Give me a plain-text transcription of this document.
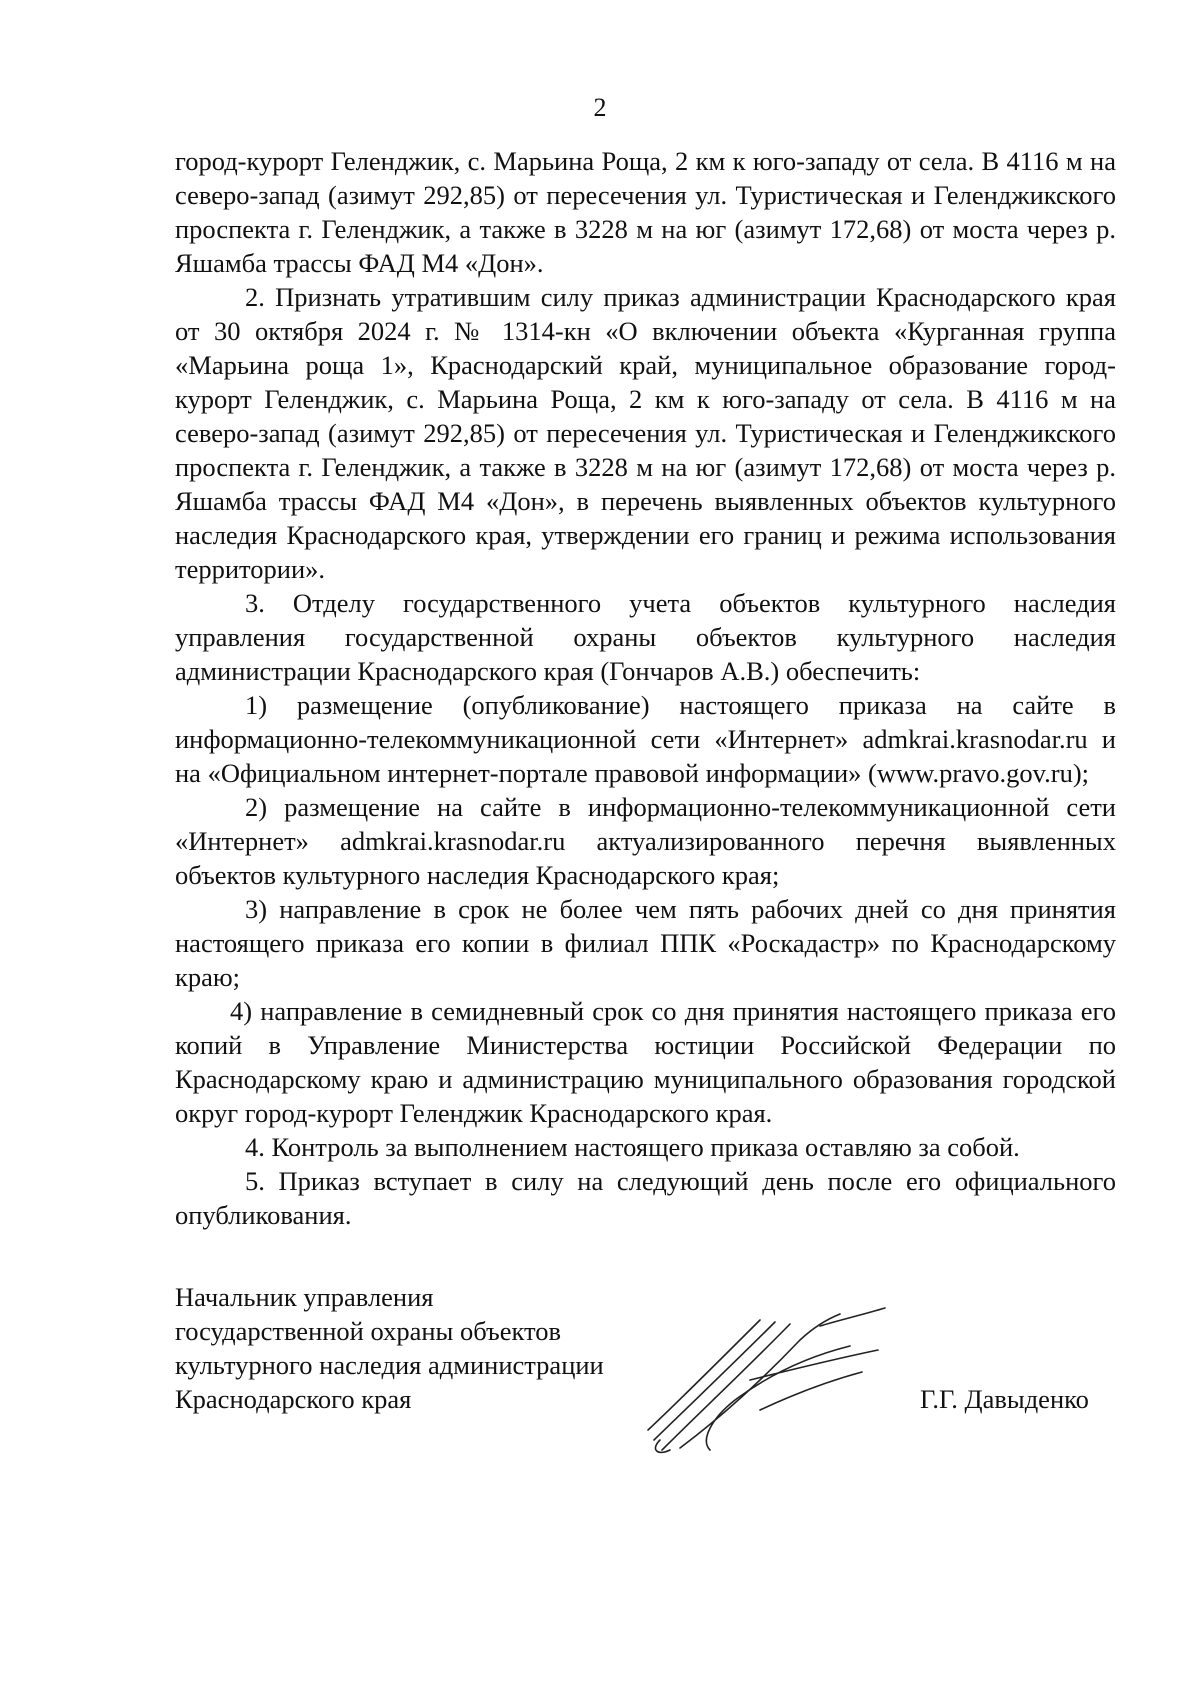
2

город-курорт Геленджик, с. Марьина Роща, 2 км к юго-западу от села. В 4116 м на северо-запад (азимут 292,85) от пересечения ул. Туристическая и Геленджикского проспекта г. Геленджик, а также в 3228 м на юг (азимут 172,68) от моста через р. Яшамба трассы ФАД М4 «Дон».

2. Признать утратившим силу приказ администрации Краснодарского края от 30 октября 2024 г. № 1314-кн «О включении объекта «Курганная группа «Марьина роща 1», Краснодарский край, муниципальное образование город-курорт Геленджик, с. Марьина Роща, 2 км к юго-западу от села. В 4116 м на северо-запад (азимут 292,85) от пересечения ул. Туристическая и Геленджикского проспекта г. Геленджик, а также в 3228 м на юг (азимут 172,68) от моста через р. Яшамба трассы ФАД М4 «Дон», в перечень выявленных объектов культурного наследия Краснодарского края, утверждении его границ и режима использования территории».

3. Отделу государственного учета объектов культурного наследия управления государственной охраны объектов культурного наследия администрации Краснодарского края (Гончаров А.В.) обеспечить:

1) размещение (опубликование) настоящего приказа на сайте в информационно-телекоммуникационной сети «Интернет» admkrai.krasnodar.ru и на «Официальном интернет-портале правовой информации» (www.pravo.gov.ru);

2) размещение на сайте в информационно-телекоммуникационной сети «Интернет» admkrai.krasnodar.ru актуализированного перечня выявленных объектов культурного наследия Краснодарского края;

3) направление в срок не более чем пять рабочих дней со дня принятия настоящего приказа его копии в филиал ППК «Роскадастр» по Краснодарскому краю;

4) направление в семидневный срок со дня принятия настоящего приказа его копий в Управление Министерства юстиции Российской Федерации по Краснодарскому краю и администрацию муниципального образования городской округ город-курорт Геленджик Краснодарского края.

4. Контроль за выполнением настоящего приказа оставляю за собой.

5. Приказ вступает в силу на следующий день после его официального опубликования.

Начальник управления
государственной охраны объектов
культурного наследия администрации
Краснодарского края	Г.Г. Давыденко
